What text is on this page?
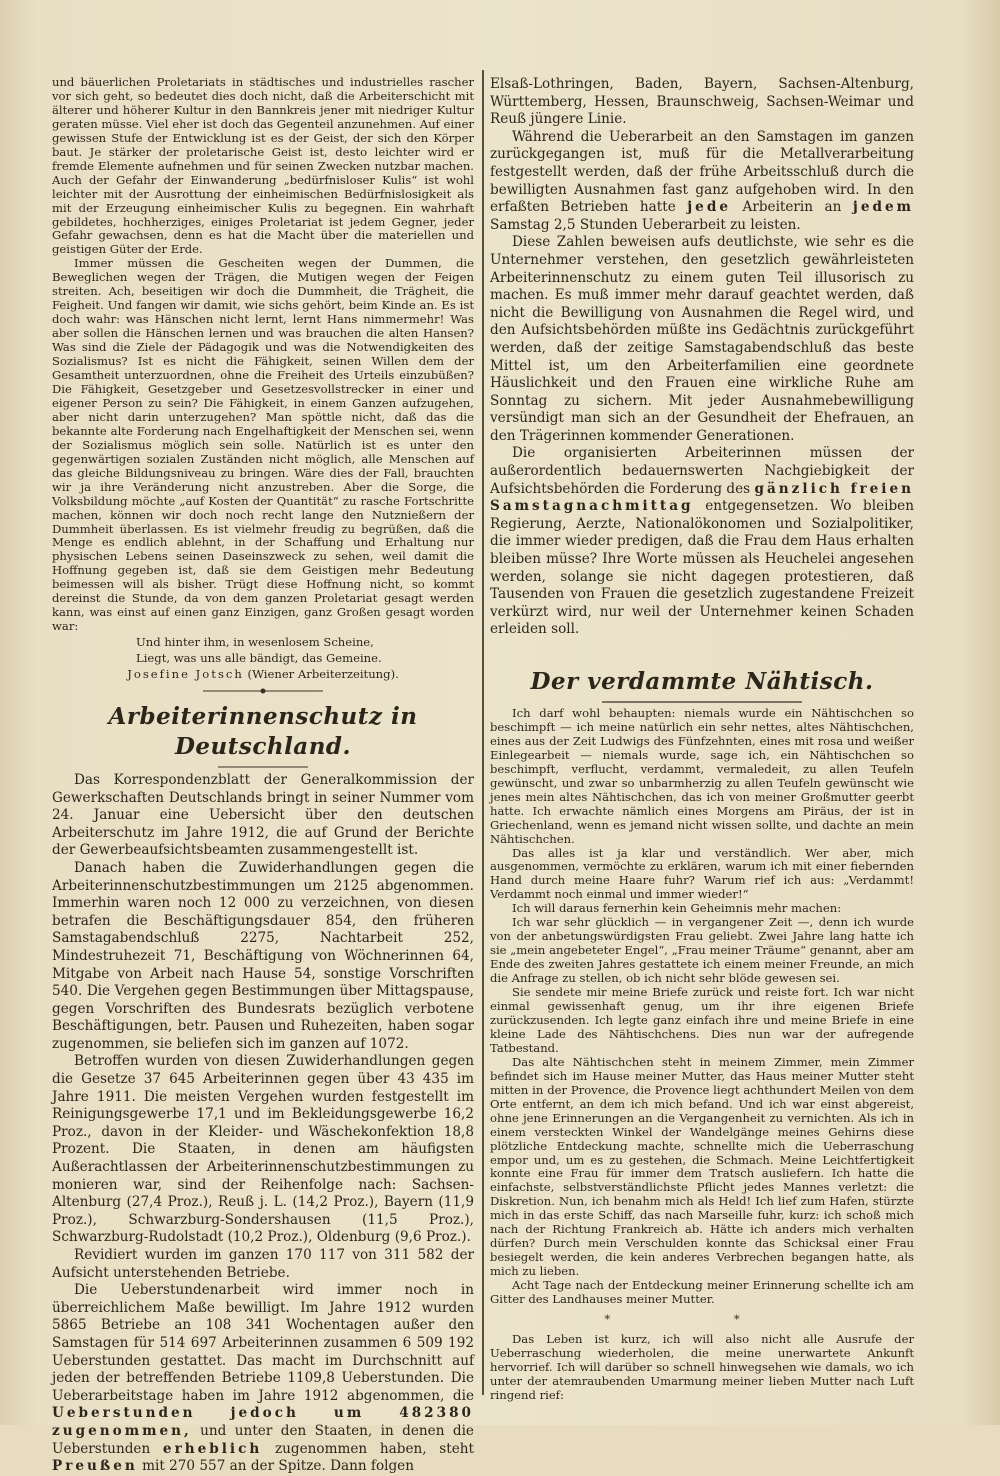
und bäuerlichen Proletariats in städtisches und industrielles rascher vor sich geht, so bedeutet dies doch nicht, daß die Arbeiterschicht mit älterer und höherer Kultur in den Bannkreis jener mit niedriger Kultur geraten müsse. Viel eher ist doch das Gegenteil anzunehmen. Auf einer gewissen Stufe der Entwicklung ist es der Geist, der sich den Körper baut. Je stärker der proletarische Geist ist, desto leichter wird er fremde Elemente aufnehmen und für seinen Zwecken nutzbar machen. Auch der Gefahr der Einwanderung „bedürfnisloser Kulis“ ist wohl leichter mit der Ausrottung der einheimischen Bedürfnislosigkeit als mit der Erzeugung einheimischer Kulis zu begegnen. Ein wahrhaft gebildetes, hochherziges, einiges Proletariat ist jedem Gegner, jeder Gefahr gewachsen, denn es hat die Macht über die materiellen und geistigen Güter der Erde.

Immer müssen die Gescheiten wegen der Dummen, die Beweglichen wegen der Trägen, die Mutigen wegen der Feigen streiten. Ach, beseitigen wir doch die Dummheit, die Trägheit, die Feigheit. Und fangen wir damit, wie sichs gehört, beim Kinde an. Es ist doch wahr: was Hänschen nicht lernt, lernt Hans nimmermehr! Was aber sollen die Hänschen lernen und was brauchen die alten Hansen? Was sind die Ziele der Pädagogik und was die Notwendigkeiten des Sozialismus? Ist es nicht die Fähigkeit, seinen Willen dem der Gesamtheit unterzuordnen, ohne die Freiheit des Urteils einzubüßen? Die Fähigkeit, Gesetzgeber und Gesetzesvollstrecker in einer und eigener Person zu sein? Die Fähigkeit, in einem Ganzen aufzugehen, aber nicht darin unterzugehen? Man spöttle nicht, daß das die bekannte alte Forderung nach Engelhaftigkeit der Menschen sei, wenn der Sozialismus möglich sein solle. Natürlich ist es unter den gegenwärtigen sozialen Zuständen nicht möglich, alle Menschen auf das gleiche Bildungsniveau zu bringen. Wäre dies der Fall, brauchten wir ja ihre Veränderung nicht anzustreben. Aber die Sorge, die Volksbildung möchte „auf Kosten der Quantität“ zu rasche Fortschritte machen, können wir doch noch recht lange den Nutznießern der Dummheit überlassen. Es ist vielmehr freudig zu begrüßen, daß die Menge es endlich ablehnt, in der Schaffung und Erhaltung nur physischen Lebens seinen Daseinszweck zu sehen, weil damit die Hoffnung gegeben ist, daß sie dem Geistigen mehr Bedeutung beimessen will als bisher. Trügt diese Hoffnung nicht, so kommt dereinst die Stunde, da von dem ganzen Proletariat gesagt werden kann, was einst auf einen ganz Einzigen, ganz Großen gesagt worden war:

Und hinter ihm, in wesenlosem Scheine,
Liegt, was uns alle bändigt, das Gemeine.
Josefine Jotsch (Wiener Arbeiterzeitung).
Arbeiterinnenschutz in Deutschland.

Das Korrespondenzblatt der Generalkommission der Gewerkschaften Deutschlands bringt in seiner Nummer vom 24. Januar eine Uebersicht über den deutschen Arbeiterschutz im Jahre 1912, die auf Grund der Berichte der Gewerbeaufsichtsbeamten zusammengestellt ist.

Danach haben die Zuwiderhandlungen gegen die Arbeiterinnenschutzbestimmungen um 2125 abgenommen. Immerhin waren noch 12 000 zu verzeichnen, von diesen betrafen die Beschäftigungsdauer 854, den früheren Samstagabendschluß 2275, Nachtarbeit 252, Mindestruhezeit 71, Beschäftigung von Wöchnerinnen 64, Mitgabe von Arbeit nach Hause 54, sonstige Vorschriften 540. Die Vergehen gegen Bestimmungen über Mittagspause, gegen Vorschriften des Bundesrats bezüglich verbotene Beschäftigungen, betr. Pausen und Ruhezeiten, haben sogar zugenommen, sie beliefen sich im ganzen auf 1072.

Betroffen wurden von diesen Zuwiderhandlungen gegen die Gesetze 37 645 Arbeiterinnen gegen über 43 435 im Jahre 1911. Die meisten Vergehen wurden festgestellt im Reinigungsgewerbe 17,1 und im Bekleidungsgewerbe 16,2 Proz., davon in der Kleider- und Wäschekonfektion 18,8 Prozent. Die Staaten, in denen am häufigsten Außerachtlassen der Arbeiterinnenschutzbestimmungen zu monieren war, sind der Reihenfolge nach: Sachsen-Altenburg (27,4 Proz.), Reuß j. L. (14,2 Proz.), Bayern (11,9 Proz.), Schwarzburg-Sondershausen (11,5 Proz.), Schwarzburg-Rudolstadt (10,2 Proz.), Oldenburg (9,6 Proz.).

Revidiert wurden im ganzen 170 117 von 311 582 der Aufsicht unterstehenden Betriebe.

Die Ueberstundenarbeit wird immer noch in überreichlichem Maße bewilligt. Im Jahre 1912 wurden 5865 Betriebe an 108 341 Wochentagen außer den Samstagen für 514 697 Arbeiterinnen zusammen 6 509 192 Ueberstunden gestattet. Das macht im Durchschnitt auf jeden der betreffenden Betriebe 1109,8 Ueberstunden. Die Ueberarbeitstage haben im Jahre 1912 abgenommen, die Ueberstunden jedoch um 482380 zugenommen, und unter den Staaten, in denen die Ueberstunden erheblich zugenommen haben, steht Preußen mit 270 557 an der Spitze. Dann folgen

Elsaß-Lothringen, Baden, Bayern, Sachsen-Altenburg, Württemberg, Hessen, Braunschweig, Sachsen-Weimar und Reuß jüngere Linie.

Während die Ueberarbeit an den Samstagen im ganzen zurückgegangen ist, muß für die Metallverarbeitung festgestellt werden, daß der frühe Arbeitsschluß durch die bewilligten Ausnahmen fast ganz aufgehoben wird. In den erfaßten Betrieben hatte jede Arbeiterin an jedem Samstag 2,5 Stunden Ueberarbeit zu leisten.

Diese Zahlen beweisen aufs deutlichste, wie sehr es die Unternehmer verstehen, den gesetzlich gewährleisteten Arbeiterinnenschutz zu einem guten Teil illusorisch zu machen. Es muß immer mehr darauf geachtet werden, daß nicht die Bewilligung von Ausnahmen die Regel wird, und den Aufsichtsbehörden müßte ins Gedächtnis zurückgeführt werden, daß der zeitige Samstagabendschluß das beste Mittel ist, um den Arbeiterfamilien eine geordnete Häuslichkeit und den Frauen eine wirkliche Ruhe am Sonntag zu sichern. Mit jeder Ausnahmebewilligung versündigt man sich an der Gesundheit der Ehefrauen, an den Trägerinnen kommender Generationen.

Die organisierten Arbeiterinnen müssen der außerordentlich bedauernswerten Nachgiebigkeit der Aufsichtsbehörden die Forderung des gänzlich freien Samstagnachmittag entgegensetzen. Wo bleiben Regierung, Aerzte, Nationalökonomen und Sozialpolitiker, die immer wieder predigen, daß die Frau dem Haus erhalten bleiben müsse? Ihre Worte müssen als Heuchelei angesehen werden, solange sie nicht dagegen protestieren, daß Tausenden von Frauen die gesetzlich zugestandene Freizeit verkürzt wird, nur weil der Unternehmer keinen Schaden erleiden soll.

Der verdammte Nähtisch.

Ich darf wohl behaupten: niemals wurde ein Nähtischchen so beschimpft — ich meine natürlich ein sehr nettes, altes Nähtischchen, eines aus der Zeit Ludwigs des Fünfzehnten, eines mit rosa und weißer Einlegearbeit — niemals wurde, sage ich, ein Nähtischchen so beschimpft, verflucht, verdammt, vermaledeit, zu allen Teufeln gewünscht, und zwar so unbarmherzig zu allen Teufeln gewünscht wie jenes mein altes Nähtischchen, das ich von meiner Großmutter geerbt hatte. Ich erwachte nämlich eines Morgens am Piräus, der ist in Griechenland, wenn es jemand nicht wissen sollte, und dachte an mein Nähtischchen.

Das alles ist ja klar und verständlich. Wer aber, mich ausgenommen, vermöchte zu erklären, warum ich mit einer fiebernden Hand durch meine Haare fuhr? Warum rief ich aus: „Verdammt! Verdammt noch einmal und immer wieder!“

Ich will daraus fernerhin kein Geheimnis mehr machen:

Ich war sehr glücklich — in vergangener Zeit —, denn ich wurde von der anbetungswürdigsten Frau geliebt. Zwei Jahre lang hatte ich sie „mein angebeteter Engel“, „Frau meiner Träume“ genannt, aber am Ende des zweiten Jahres gestattete ich einem meiner Freunde, an mich die Anfrage zu stellen, ob ich nicht sehr blöde gewesen sei.

Sie sendete mir meine Briefe zurück und reiste fort. Ich war nicht einmal gewissenhaft genug, um ihr ihre eigenen Briefe zurückzusenden. Ich legte ganz einfach ihre und meine Briefe in eine kleine Lade des Nähtischchens. Dies nun war der aufregende Tatbestand.

Das alte Nähtischchen steht in meinem Zimmer, mein Zimmer befindet sich im Hause meiner Mutter, das Haus meiner Mutter steht mitten in der Provence, die Provence liegt achthundert Meilen von dem Orte entfernt, an dem ich mich befand. Und ich war einst abgereist, ohne jene Erinnerungen an die Vergangenheit zu vernichten. Als ich in einem versteckten Winkel der Wandelgänge meines Gehirns diese plötzliche Entdeckung machte, schnellte mich die Ueberraschung empor und, um es zu gestehen, die Schmach. Meine Leichtfertigkeit konnte eine Frau für immer dem Tratsch ausliefern. Ich hatte die einfachste, selbstverständlichste Pflicht jedes Mannes verletzt: die Diskretion. Nun, ich benahm mich als Held! Ich lief zum Hafen, stürzte mich in das erste Schiff, das nach Marseille fuhr, kurz: ich schoß mich nach der Richtung Frankreich ab. Hätte ich anders mich verhalten dürfen? Durch mein Verschulden konnte das Schicksal einer Frau besiegelt werden, die kein anderes Verbrechen begangen hatte, als mich zu lieben.

Acht Tage nach der Entdeckung meiner Erinnerung schellte ich am Gitter des Landhauses meiner Mutter.

* *

Das Leben ist kurz, ich will also nicht alle Ausrufe der Ueberraschung wiederholen, die meine unerwartete Ankunft hervorrief. Ich will darüber so schnell hinwegsehen wie damals, wo ich unter der atemraubenden Umarmung meiner lieben Mutter nach Luft ringend rief:
